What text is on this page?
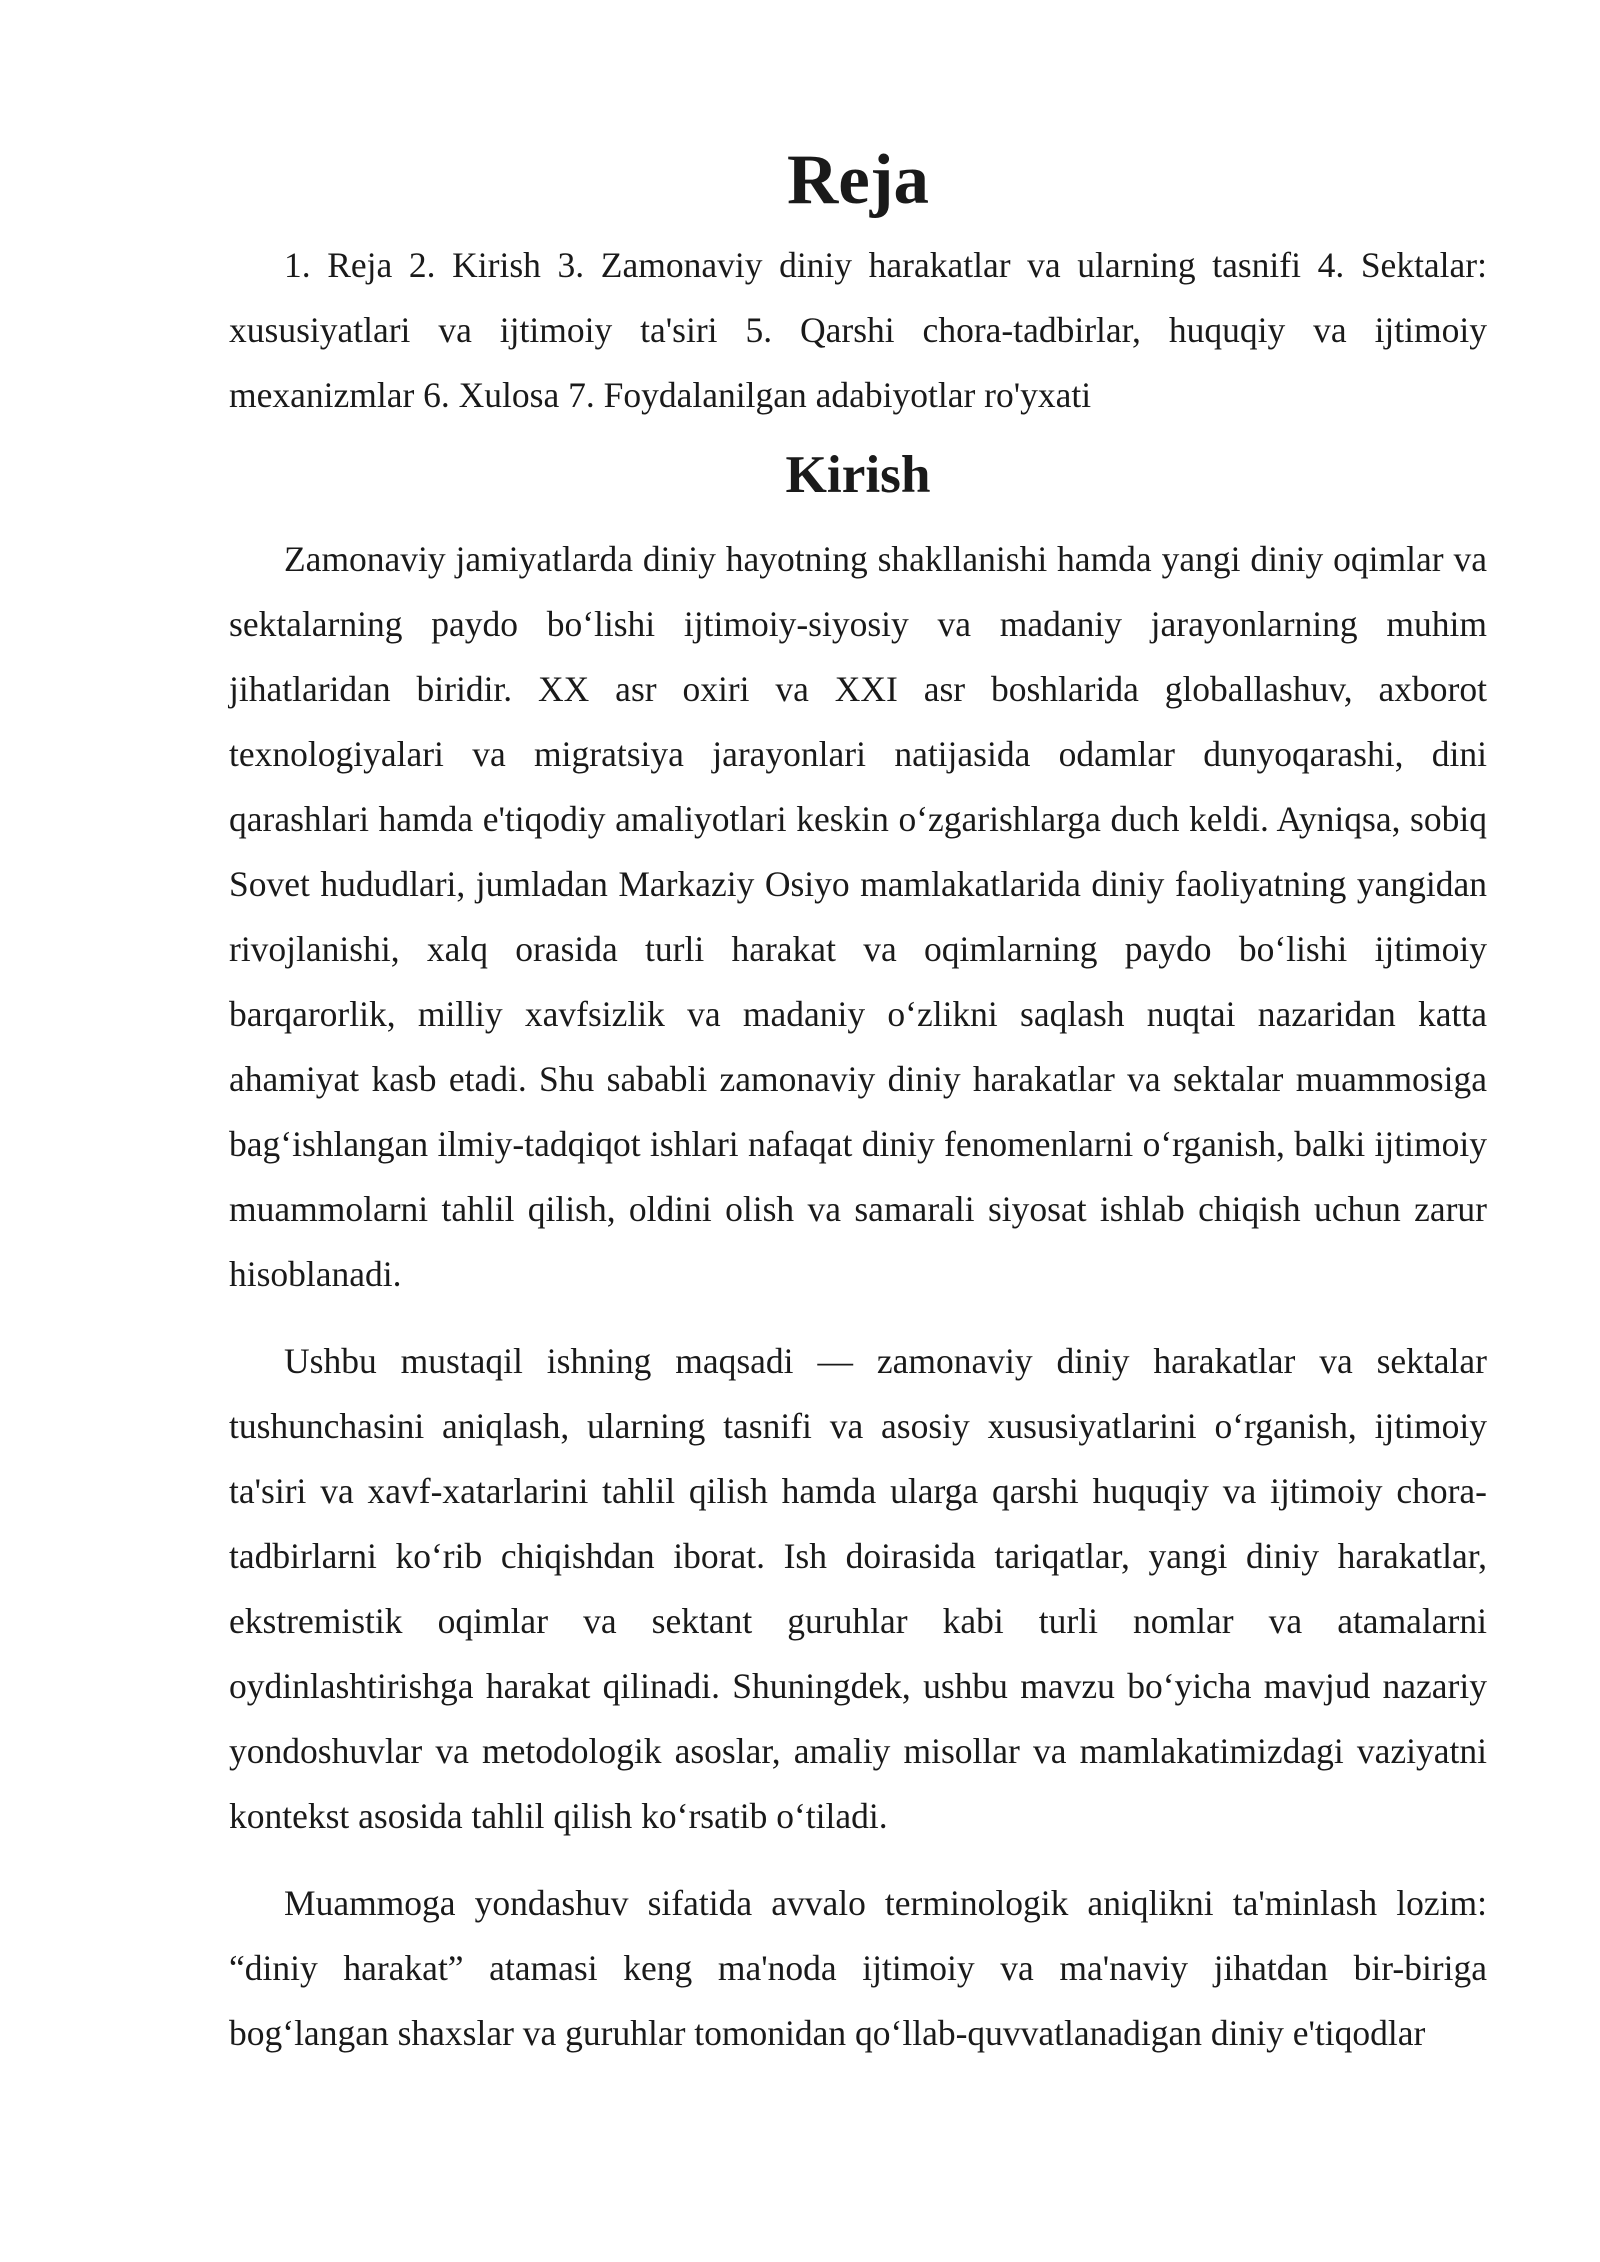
Reja

1. Reja 2. Kirish 3. Zamonaviy diniy harakatlar va ularning tasnifi 4. Sektalar: xususiyatlari va ijtimoiy ta'siri 5. Qarshi chora-tadbirlar, huquqiy va ijtimoiy mexanizmlar 6. Xulosa 7. Foydalanilgan adabiyotlar ro'yxati

Kirish

Zamonaviy jamiyatlarda diniy hayotning shakllanishi hamda yangi diniy oqimlar va sektalarning paydo bo‘lishi ijtimoiy-siyosiy va madaniy jarayonlarning muhim jihatlaridan biridir. XX asr oxiri va XXI asr boshlarida globallashuv, axborot texnologiyalari va migratsiya jarayonlari natijasida odamlar dunyoqarashi, dini qarashlari hamda e'tiqodiy amaliyotlari keskin o‘zgarishlarga duch keldi. Ayniqsa, sobiq Sovet hududlari, jumladan Markaziy Osiyo mamlakatlarida diniy faoliyatning yangidan rivojlanishi, xalq orasida turli harakat va oqimlarning paydo bo‘lishi ijtimoiy barqarorlik, milliy xavfsizlik va madaniy o‘zlikni saqlash nuqtai nazaridan katta ahamiyat kasb etadi. Shu sababli zamonaviy diniy harakatlar va sektalar muammosiga bag‘ishlangan ilmiy-tadqiqot ishlari nafaqat diniy fenomenlarni o‘rganish, balki ijtimoiy muammolarni tahlil qilish, oldini olish va samarali siyosat ishlab chiqish uchun zarur hisoblanadi.

Ushbu mustaqil ishning maqsadi — zamonaviy diniy harakatlar va sektalar tushunchasini aniqlash, ularning tasnifi va asosiy xususiyatlarini o‘rganish, ijtimoiy ta'siri va xavf-xatarlarini tahlil qilish hamda ularga qarshi huquqiy va ijtimoiy chora-tadbirlarni ko‘rib chiqishdan iborat. Ish doirasida tariqatlar, yangi diniy harakatlar, ekstremistik oqimlar va sektant guruhlar kabi turli nomlar va atamalarni oydinlashtirishga harakat qilinadi. Shuningdek, ushbu mavzu bo‘yicha mavjud nazariy yondoshuvlar va metodologik asoslar, amaliy misollar va mamlakatimizdagi vaziyatni kontekst asosida tahlil qilish ko‘rsatib o‘tiladi.

Muammoga yondashuv sifatida avvalo terminologik aniqlikni ta'minlash lozim: “diniy harakat” atamasi keng ma'noda ijtimoiy va ma'naviy jihatdan bir-biriga bog‘langan shaxslar va guruhlar tomonidan qo‘llab-quvvatlanadigan diniy e'tiqodlar
